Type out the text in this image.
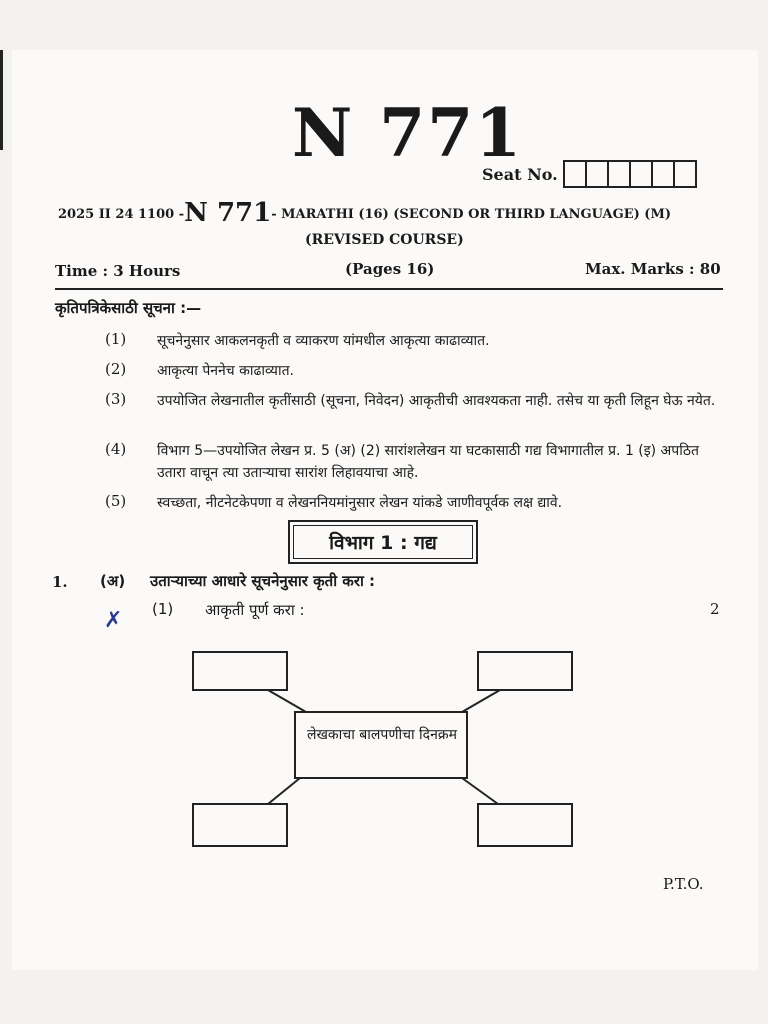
N 771
Seat No.
2025 II 24 1100 -N 771- MARATHI (16) (SECOND OR THIRD LANGUAGE) (M)
(REVISED COURSE)
Time : 3 Hours	(Pages 16)	Max. Marks : 80
कृतिपत्रिकेसाठी सूचना :—
(1) सूचनेनुसार आकलनकृती व व्याकरण यांमधील आकृत्या काढाव्यात.
(2) आकृत्या पेननेच काढाव्यात.
(3) उपयोजित लेखनातील कृतींसाठी (सूचना, निवेदन) आकृतीची आवश्यकता नाही. तसेच या कृती लिहून घेऊ नयेत.
(4) विभाग 5—उपयोजित लेखन प्र. 5 (अ) (2) सारांशलेखन या घटकासाठी गद्य विभागातील प्र. 1 (इ) अपठित उतारा वाचून त्या उताऱ्याचा सारांश लिहावयाचा आहे.
(5) स्वच्छता, नीटनेटकेपणा व लेखननियमांनुसार लेखन यांकडे जाणीवपूर्वक लक्ष द्यावे.
विभाग 1 : गद्य
1. (अ) उताऱ्याच्या आधारे सूचनेनुसार कृती करा :
✗ (1) आकृती पूर्ण करा :	2
लेखकाचा बालपणीचा दिनक्रम
P.T.O.
